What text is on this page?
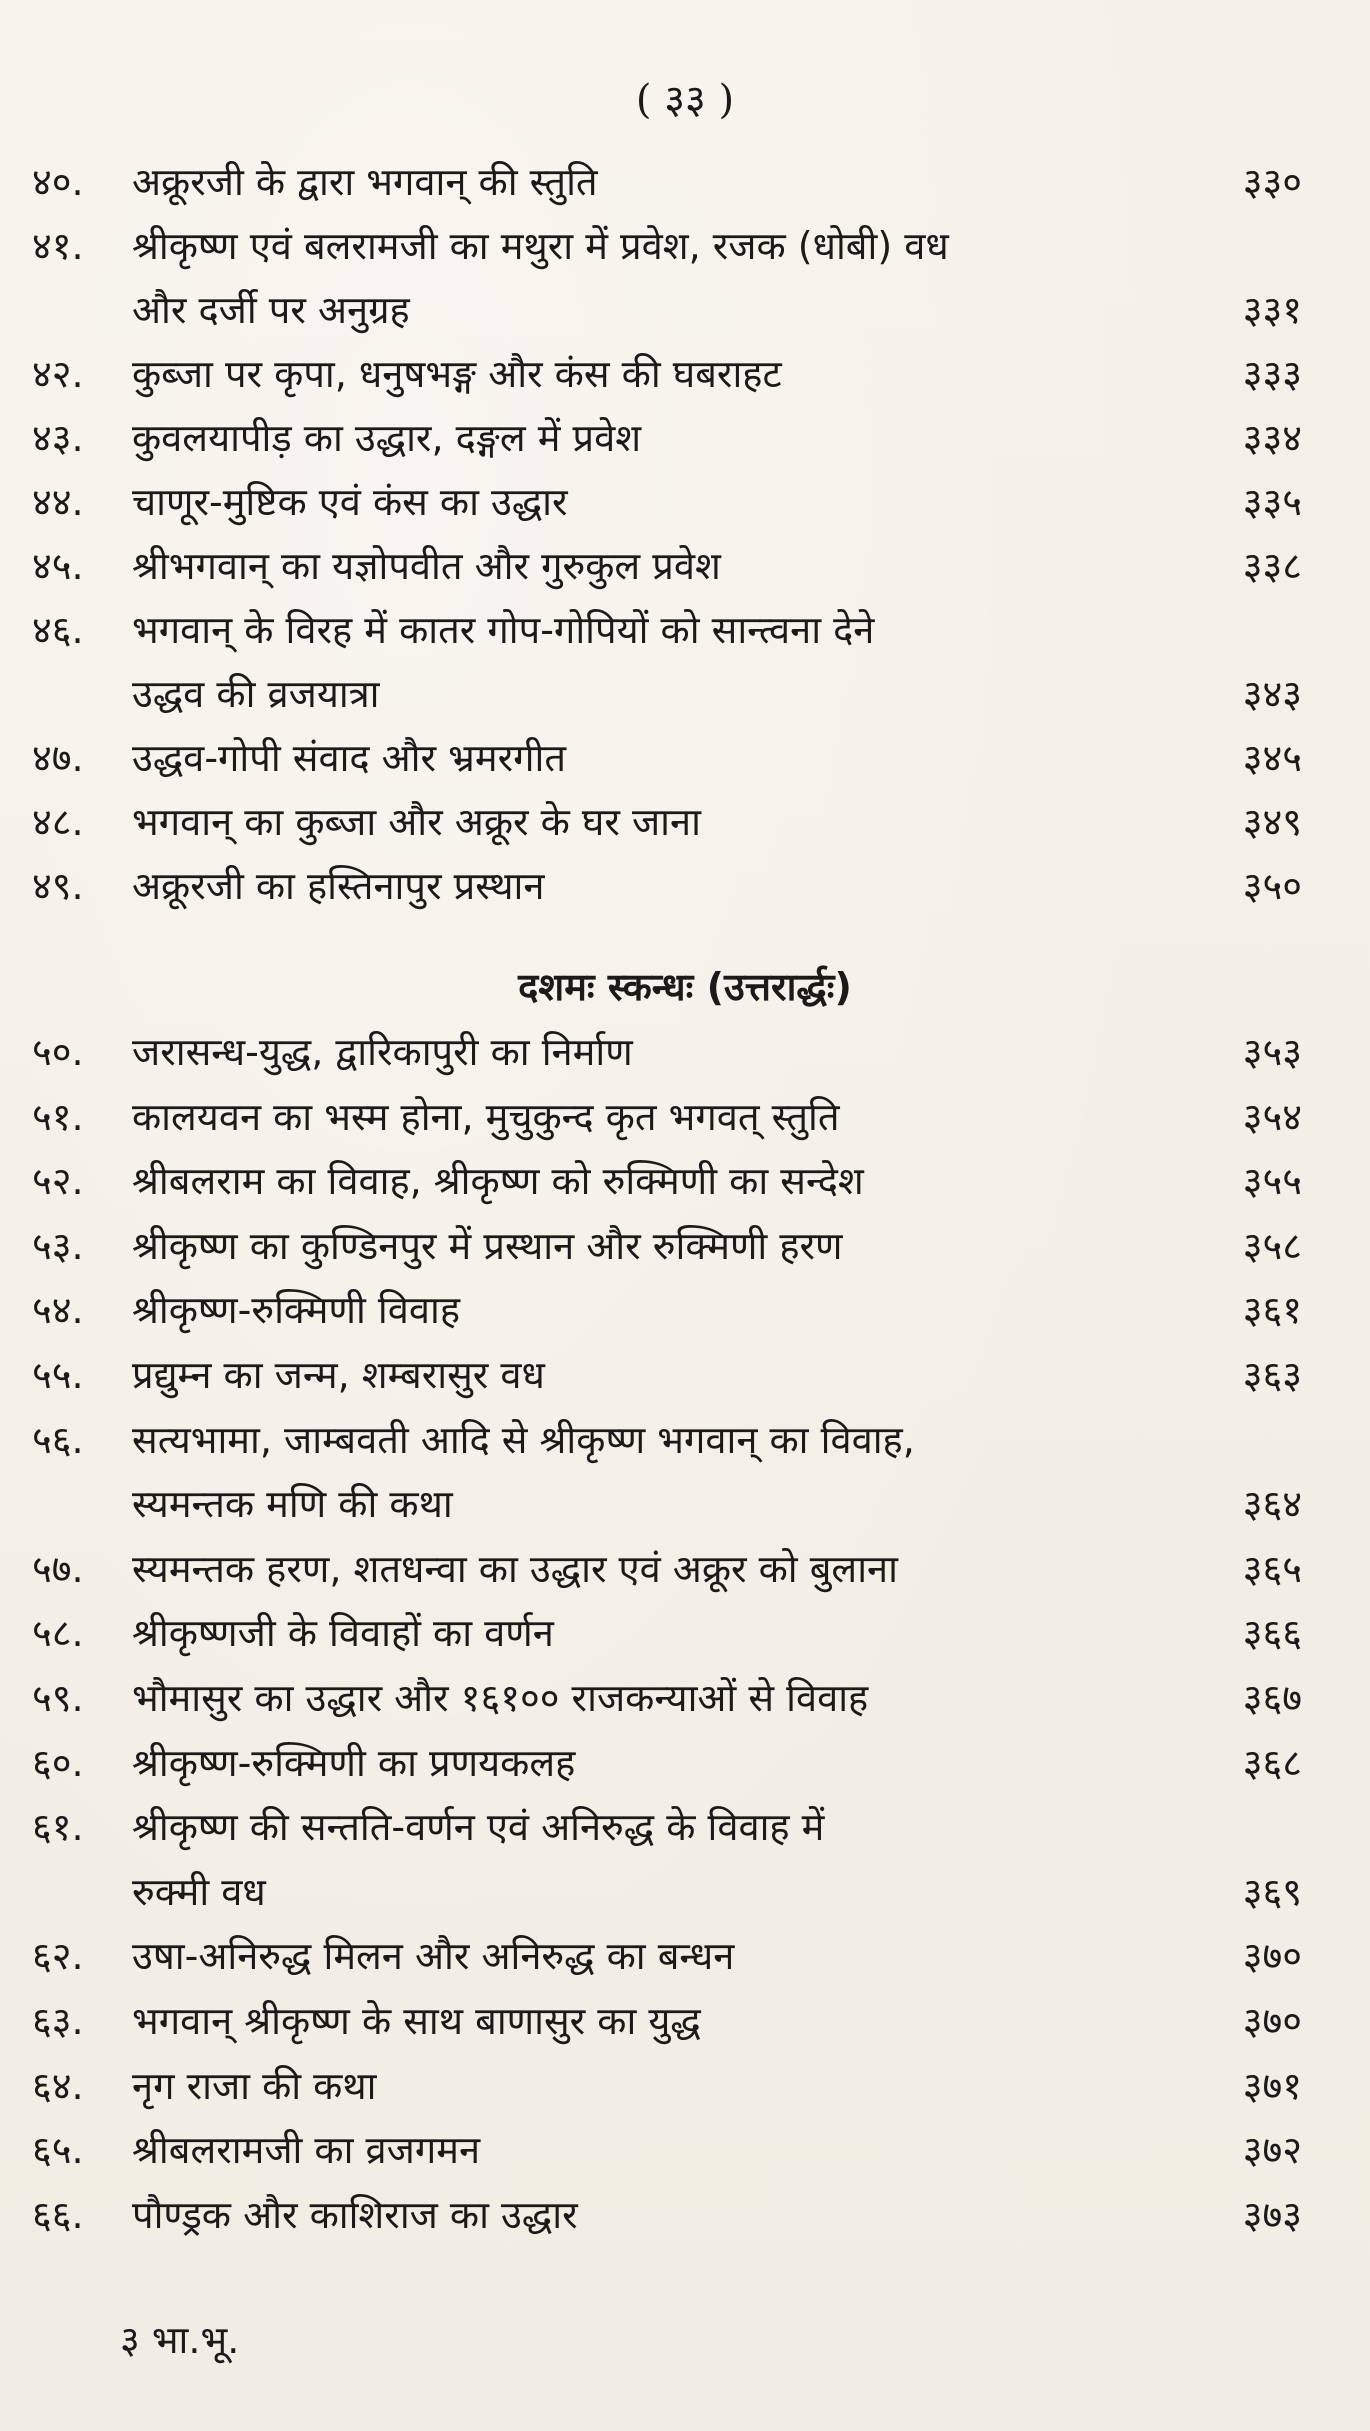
( ३३ )
४०. अक्रूरजी के द्वारा भगवान् की स्तुति	३३०
४१. श्रीकृष्ण एवं बलरामजी का मथुरा में प्रवेश, रजक (धोबी) वध
और दर्जी पर अनुग्रह	३३१
४२. कुब्जा पर कृपा, धनुषभङ्ग और कंस की घबराहट	३३३
४३. कुवलयापीड़ का उद्धार, दङ्गल में प्रवेश	३३४
४४. चाणूर-मुष्टिक एवं कंस का उद्धार	३३५
४५. श्रीभगवान् का यज्ञोपवीत और गुरुकुल प्रवेश	३३८
४६. भगवान् के विरह में कातर गोप-गोपियों को सान्त्वना देने
उद्धव की व्रजयात्रा	३४३
४७. उद्धव-गोपी संवाद और भ्रमरगीत	३४५
४८. भगवान् का कुब्जा और अक्रूर के घर जाना	३४९
४९. अक्रूरजी का हस्तिनापुर प्रस्थान	३५०
दशमः स्कन्धः (उत्तरार्द्धः)
५०. जरासन्ध-युद्ध, द्वारिकापुरी का निर्माण	३५३
५१. कालयवन का भस्म होना, मुचुकुन्द कृत भगवत् स्तुति	३५४
५२. श्रीबलराम का विवाह, श्रीकृष्ण को रुक्मिणी का सन्देश	३५५
५३. श्रीकृष्ण का कुण्डिनपुर में प्रस्थान और रुक्मिणी हरण	३५८
५४. श्रीकृष्ण-रुक्मिणी विवाह	३६१
५५. प्रद्युम्न का जन्म, शम्बरासुर वध	३६३
५६. सत्यभामा, जाम्बवती आदि से श्रीकृष्ण भगवान् का विवाह,
स्यमन्तक मणि की कथा	३६४
५७. स्यमन्तक हरण, शतधन्वा का उद्धार एवं अक्रूर को बुलाना	३६५
५८. श्रीकृष्णजी के विवाहों का वर्णन	३६६
५९. भौमासुर का उद्धार और १६१०० राजकन्याओं से विवाह	३६७
६०. श्रीकृष्ण-रुक्मिणी का प्रणयकलह	३६८
६१. श्रीकृष्ण की सन्तति-वर्णन एवं अनिरुद्ध के विवाह में
रुक्मी वध	३६९
६२. उषा-अनिरुद्ध मिलन और अनिरुद्ध का बन्धन	३७०
६३. भगवान् श्रीकृष्ण के साथ बाणासुर का युद्ध	३७०
६४. नृग राजा की कथा	३७१
६५. श्रीबलरामजी का व्रजगमन	३७२
६६. पौण्ड्रक और काशिराज का उद्धार	३७३
३ भा.भू.
